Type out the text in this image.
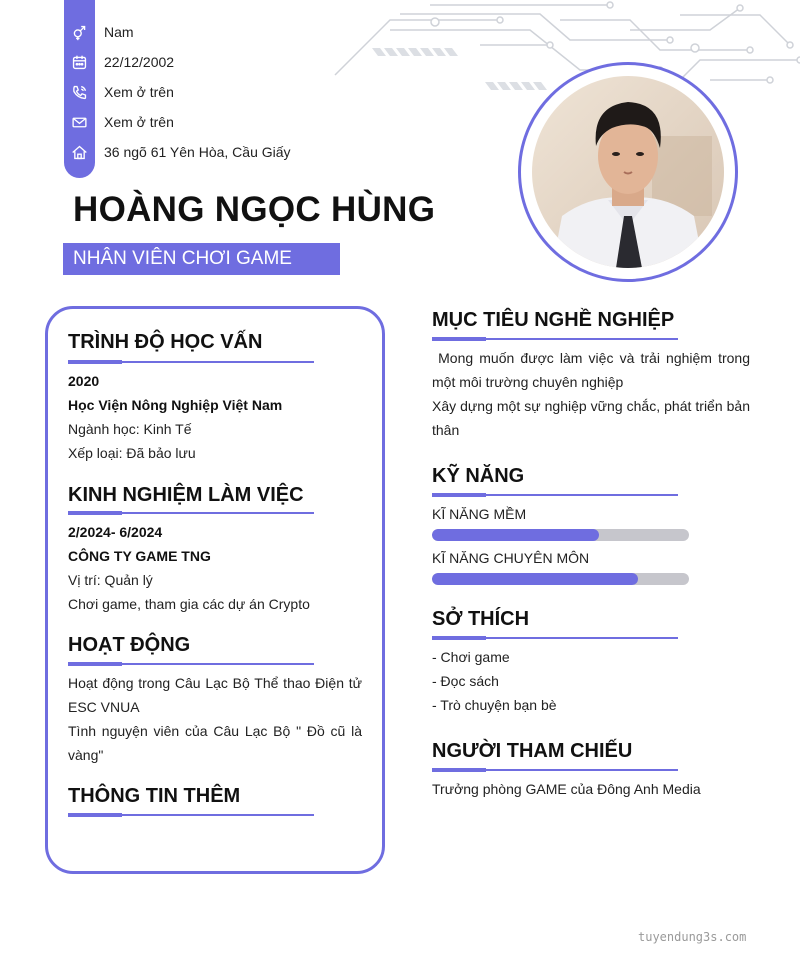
Nam
22/12/2002
Xem ở trên
Xem ở trên
36 ngõ 61 Yên Hòa, Cầu Giấy
HOÀNG NGỌC HÙNG
NHÂN VIÊN CHƠI GAME
TRÌNH ĐỘ HỌC VẤN
2020
Học Viện Nông Nghiệp Việt Nam
Ngành học: Kinh Tế
Xếp loại: Đã bảo lưu
KINH NGHIỆM LÀM VIỆC
2/2024- 6/2024
CÔNG TY GAME TNG
Vị trí: Quản lý
Chơi game, tham gia các dự án Crypto
HOẠT ĐỘNG
Hoạt động trong Câu Lạc Bộ Thể thao Điện tử ESC VNUA
Tình nguyện viên của Câu Lạc Bộ " Đồ cũ là vàng"
THÔNG TIN THÊM
MỤC TIÊU NGHỀ NGHIỆP
Mong muốn được làm việc và trải nghiệm trong một môi trường chuyên nghiệp
Xây dựng một sự nghiệp vững chắc, phát triển bản thân
KỸ NĂNG
KĨ NĂNG MỀM
KĨ NĂNG CHUYÊN MÔN
SỞ THÍCH
- Chơi game
- Đọc sách
- Trò chuyện bạn bè
NGƯỜI THAM CHIẾU
Trưởng phòng GAME của Đông Anh Media
tuyendung3s.com
